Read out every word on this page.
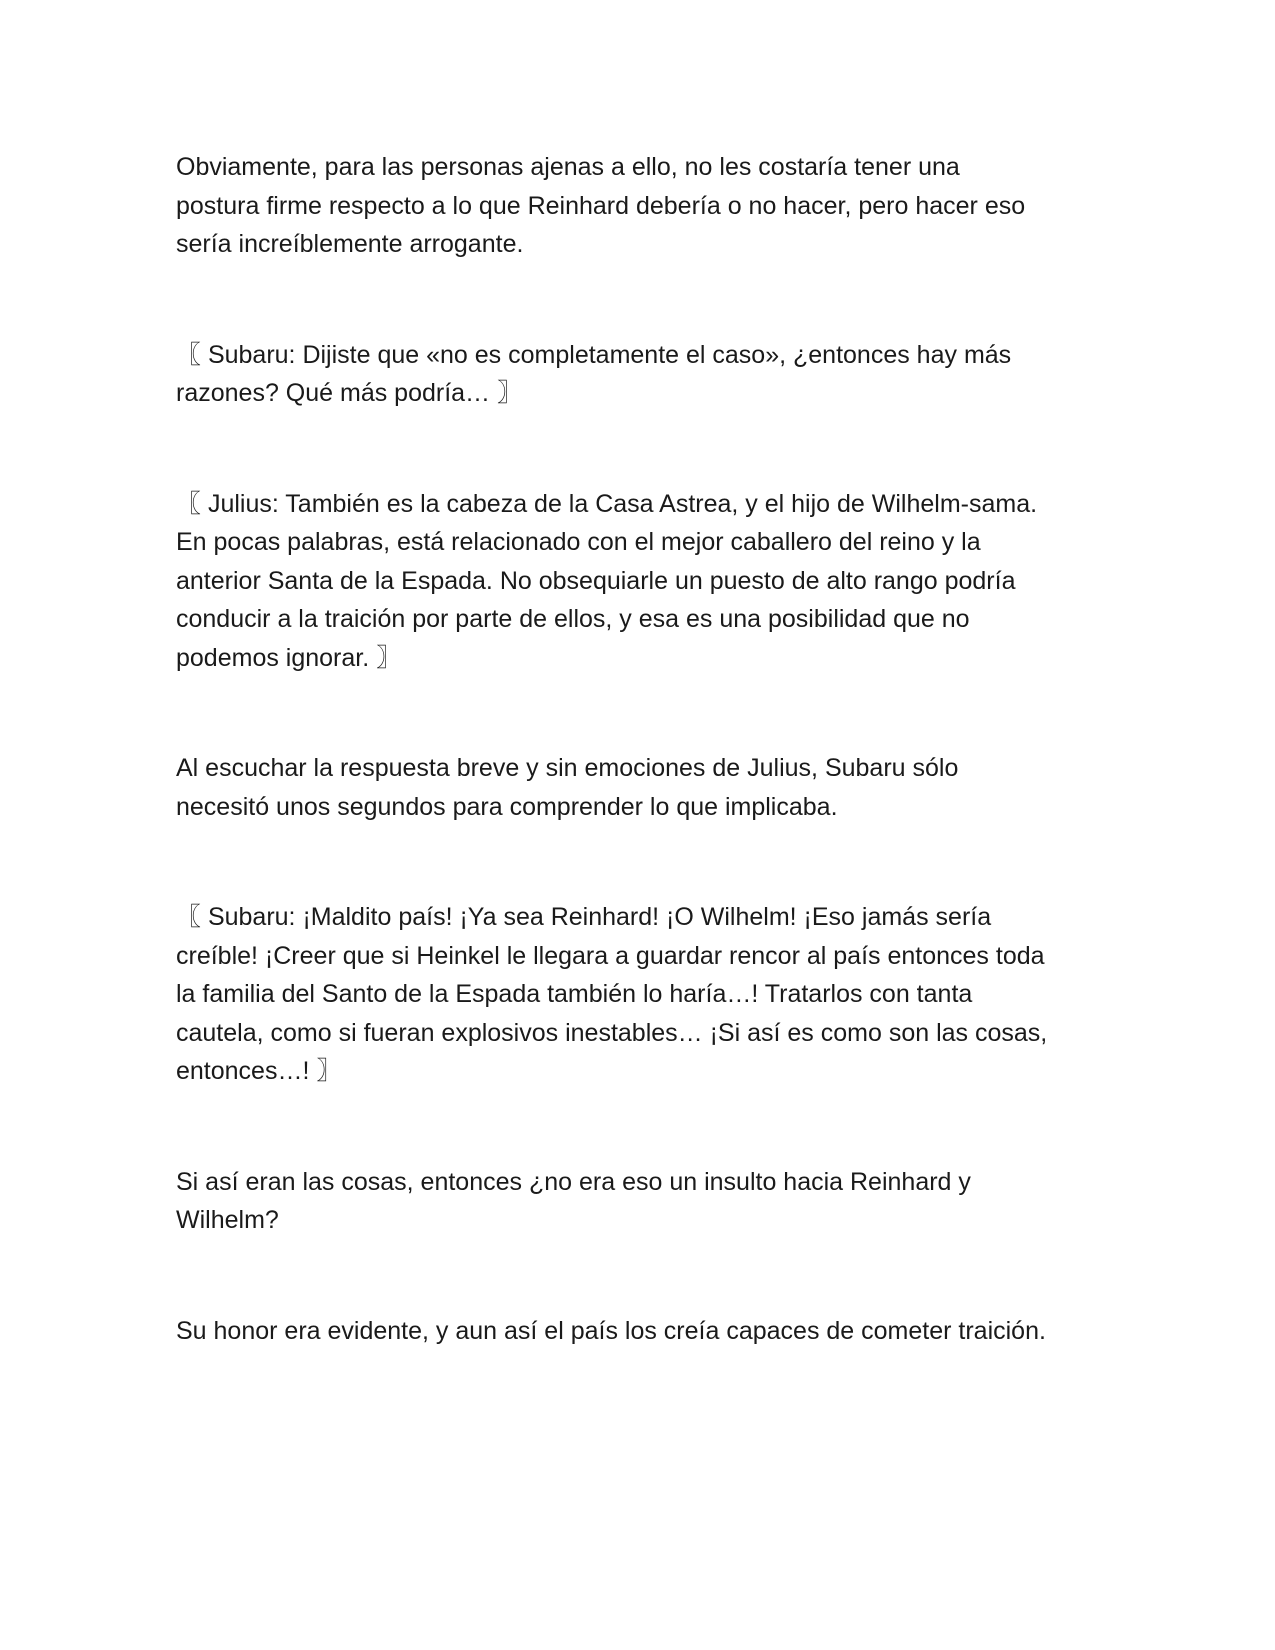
Obviamente, para las personas ajenas a ello, no les costaría tener una
postura firme respecto a lo que Reinhard debería o no hacer, pero hacer eso
sería increíblemente arrogante.

〖 Subaru: Dijiste que «no es completamente el caso», ¿entonces hay más
razones? Qué más podría… 〗

〖 Julius: También es la cabeza de la Casa Astrea, y el hijo de Wilhelm-sama.
En pocas palabras, está relacionado con el mejor caballero del reino y la
anterior Santa de la Espada. No obsequiarle un puesto de alto rango podría
conducir a la traición por parte de ellos, y esa es una posibilidad que no
podemos ignorar. 〗

Al escuchar la respuesta breve y sin emociones de Julius, Subaru sólo
necesitó unos segundos para comprender lo que implicaba.

〖 Subaru: ¡Maldito país! ¡Ya sea Reinhard! ¡O Wilhelm! ¡Eso jamás sería
creíble! ¡Creer que si Heinkel le llegara a guardar rencor al país entonces toda
la familia del Santo de la Espada también lo haría…! Tratarlos con tanta
cautela, como si fueran explosivos inestables… ¡Si así es como son las cosas,
entonces…! 〗

Si así eran las cosas, entonces ¿no era eso un insulto hacia Reinhard y
Wilhelm?

Su honor era evidente, y aun así el país los creía capaces de cometer traición.
